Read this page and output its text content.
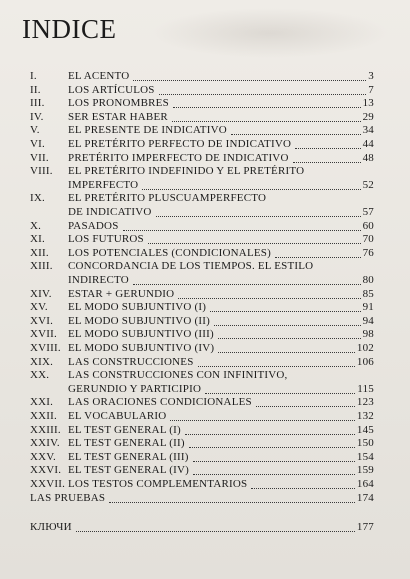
INDICE
I.	EL ACENTO	3
II. LOS ARTÍCULOS	7
III. LOS PRONOMBRES	13
IV. SER ESTAR HABER	29
V.	EL PRESENTE DE INDICATIVO	34
VI. EL PRETÉRITO PERFECTO DE INDICATIVO	44
VII. PRETÉRITO IMPERFECTO DE INDICATIVO	48
VIII. EL PRETÉRITO INDEFINIDO Y EL PRETÉRITO
IMPERFECTO	52
IX. EL PRETÉRITO PLUSCUAMPERFECTO
DE INDICATIVO	57
X. PASADOS	60
XI. LOS FUTUROS	70
XII. LOS POTENCIALES (CONDICIONALES)	76
XIII. CONCORDANCIA DE LOS TIEMPOS. EL ESTILO
INDIRECTO	80
XIV. ESTAR + GERUNDIO	85
XV. EL MODO SUBJUNTIVO (I)	91
XVI. EL MODO SUBJUNTIVO (II)	94
XVII. EL MODO SUBJUNTIVO (III)	98
XVIII. EL MODO SUBJUNTIVO (IV)	102
XIX. LAS CONSTRUCCIONES	106
XX. LAS CONSTRUCCIONES CON INFINITIVO,
GERUNDIO Y PARTICIPIO	115
XXI. LAS ORACIONES CONDICIONALES	123
XXII. EL VOCABULARIO	132
XXIII. EL TEST GENERAL (I)	145
XXIV. EL TEST GENERAL (II)	150
XXV. EL TEST GENERAL (III)	154
XXVI. EL TEST GENERAL (IV)	159
XXVII. LOS TESTOS COMPLEMENTARIOS	164
LAS PRUEBAS	174
КЛЮЧИ	177
